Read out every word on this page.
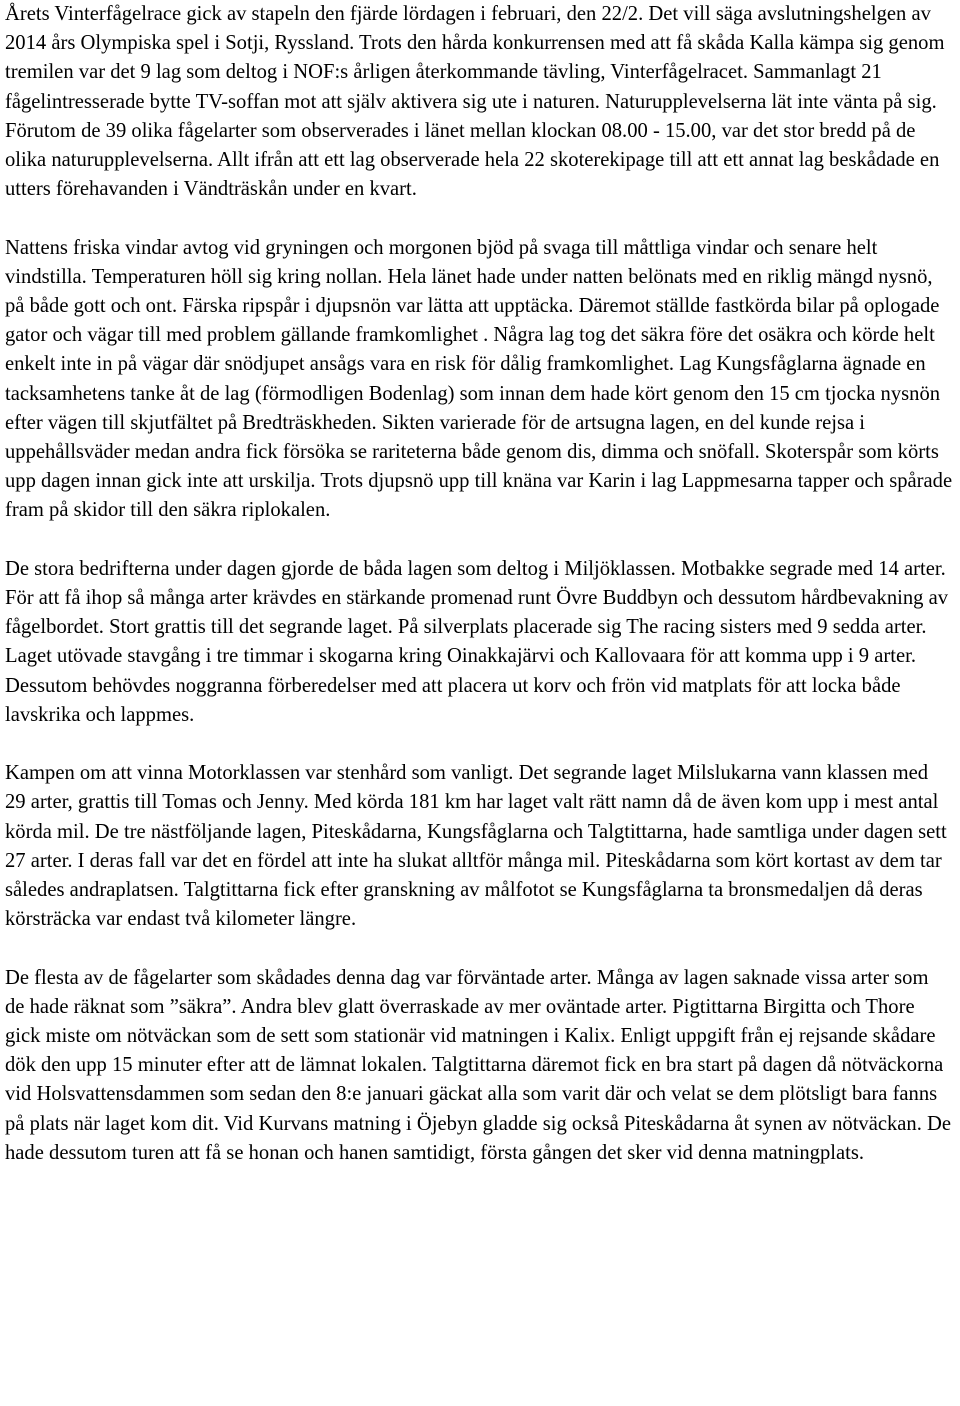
Årets Vinterfågelrace gick av stapeln den fjärde lördagen i februari, den 22/2. Det vill säga avslutningshelgen av 2014 års Olympiska spel i Sotji, Ryssland. Trots den hårda konkurrensen med att få skåda Kalla kämpa sig genom tremilen var det 9 lag som deltog i NOF:s årligen återkommande tävling, Vinterfågelracet. Sammanlagt 21 fågelintresserade bytte TV-soffan mot att själv aktivera sig ute i naturen. Naturupplevelserna lät inte vänta på sig. Förutom de 39 olika fågelarter som observerades i länet mellan klockan 08.00 - 15.00, var det stor bredd på de olika naturupplevelserna. Allt ifrån att ett lag observerade hela 22 skoterekipage till att ett annat lag beskådade en utters förehavanden i Vändträskån under en kvart.

Nattens friska vindar avtog vid gryningen och morgonen bjöd på svaga till måttliga vindar och senare helt vindstilla. Temperaturen höll sig kring nollan. Hela länet hade under natten belönats med en riklig mängd nysnö, på både gott och ont. Färska ripspår i djupsnön var lätta att upptäcka. Däremot ställde fastkörda bilar på oplogade gator och vägar till med problem gällande framkomlighet . Några lag tog det säkra före det osäkra och körde helt enkelt inte in på vägar där snödjupet ansågs vara en risk för dålig framkomlighet. Lag Kungsfåglarna ägnade en tacksamhetens tanke åt de lag (förmodligen Bodenlag) som innan dem hade kört genom den 15 cm tjocka nysnön efter vägen till skjutfältet på Bredträskheden. Sikten varierade för de artsugna lagen, en del kunde rejsa i uppehållsväder medan andra fick försöka se rariteterna både genom dis, dimma och snöfall. Skoterspår som körts upp dagen innan gick inte att urskilja. Trots djupsnö upp till knäna var Karin i lag Lappmesarna tapper och spårade fram på skidor till den säkra riplokalen.

De stora bedrifterna under dagen gjorde de båda lagen som deltog i Miljöklassen. Motbakke segrade med 14 arter. För att få ihop så många arter krävdes en stärkande promenad runt Övre Buddbyn och dessutom hårdbevakning av fågelbordet. Stort grattis till det segrande laget. På silverplats placerade sig The racing sisters med 9 sedda arter. Laget utövade stavgång i tre timmar i skogarna kring Oinakkajärvi och Kallovaara för att komma upp i 9 arter. Dessutom behövdes noggranna förberedelser med att placera ut korv och frön vid matplats för att locka både lavskrika och lappmes.

Kampen om att vinna Motorklassen var stenhård som vanligt. Det segrande laget Milslukarna vann klassen med 29 arter, grattis till Tomas och Jenny. Med körda 181 km har laget valt rätt namn då de även kom upp i mest antal körda mil. De tre nästföljande lagen, Piteskådarna, Kungsfåglarna och Talgtittarna, hade samtliga under dagen sett 27 arter. I deras fall var det en fördel att inte ha slukat alltför många mil. Piteskådarna som kört kortast av dem tar således andraplatsen. Talgtittarna fick efter granskning av målfotot se Kungsfåglarna ta bronsmedaljen då deras körsträcka var endast två kilometer längre.

De flesta av de fågelarter som skådades denna dag var förväntade arter. Många av lagen saknade vissa arter som de hade räknat som ”säkra”. Andra blev glatt överraskade av mer oväntade arter. Pigtittarna Birgitta och Thore gick miste om nötväckan som de sett som stationär vid matningen i Kalix. Enligt uppgift från ej rejsande skådare dök den upp 15 minuter efter att de lämnat lokalen. Talgtittarna däremot fick en bra start på dagen då nötväckorna vid Holsvattensdammen som sedan den 8:e januari gäckat alla som varit där och velat se dem plötsligt bara fanns på plats när laget kom dit. Vid Kurvans matning i Öjebyn gladde sig också Piteskådarna åt synen av nötväckan. De hade dessutom turen att få se honan och hanen samtidigt, första gången det sker vid denna matningplats.
